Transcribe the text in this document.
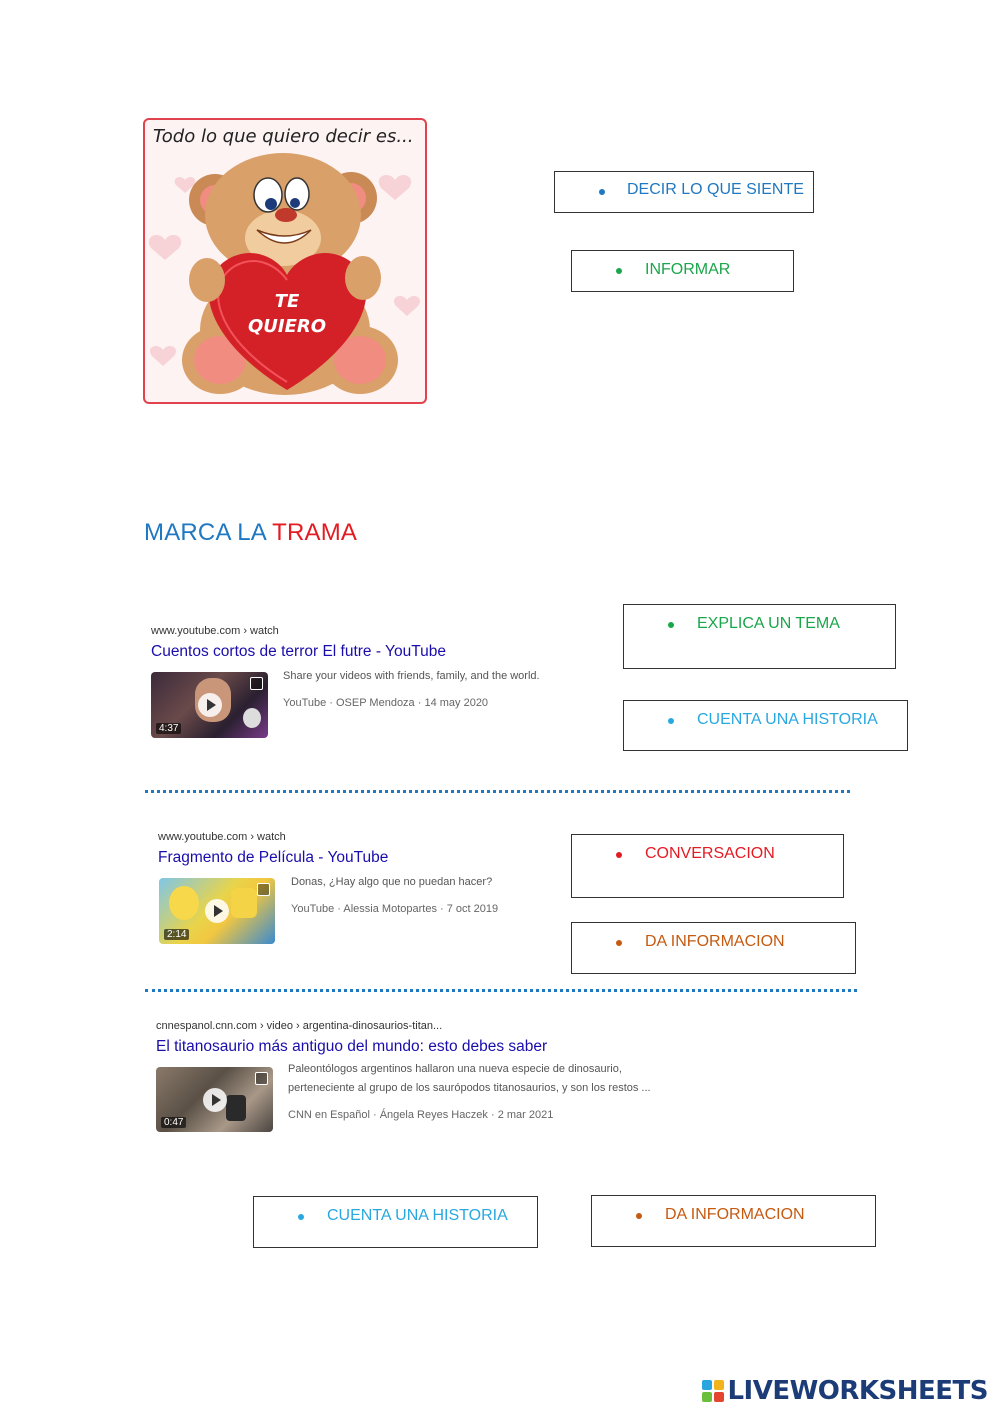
Todo lo que quiero decir es...
TE
QUIERO
DECIR LO QUE SIENTE
INFORMAR
MARCA LA TRAMA
www.youtube.com › watch
Cuentos cortos de terror El futre - YouTube
4:37
Share your videos with friends, family, and the world.
YouTube · OSEP Mendoza · 14 may 2020
EXPLICA UN TEMA
CUENTA UNA HISTORIA
www.youtube.com › watch
Fragmento de Película - YouTube
2:14
Donas, ¿Hay algo que no puedan hacer?
YouTube · Alessia Motopartes · 7 oct 2019
CONVERSACION
DA INFORMACION
cnnespanol.cnn.com › video › argentina-dinosaurios-titan...
El titanosaurio más antiguo del mundo: esto debes saber
0:47
Paleontólogos argentinos hallaron una nueva especie de dinosaurio,
perteneciente al grupo de los saurópodos titanosaurios, y son los restos ...
CNN en Español · Ángela Reyes Haczek · 2 mar 2021
CUENTA UNA HISTORIA	DA INFORMACION
LIVEWORKSHEETS
